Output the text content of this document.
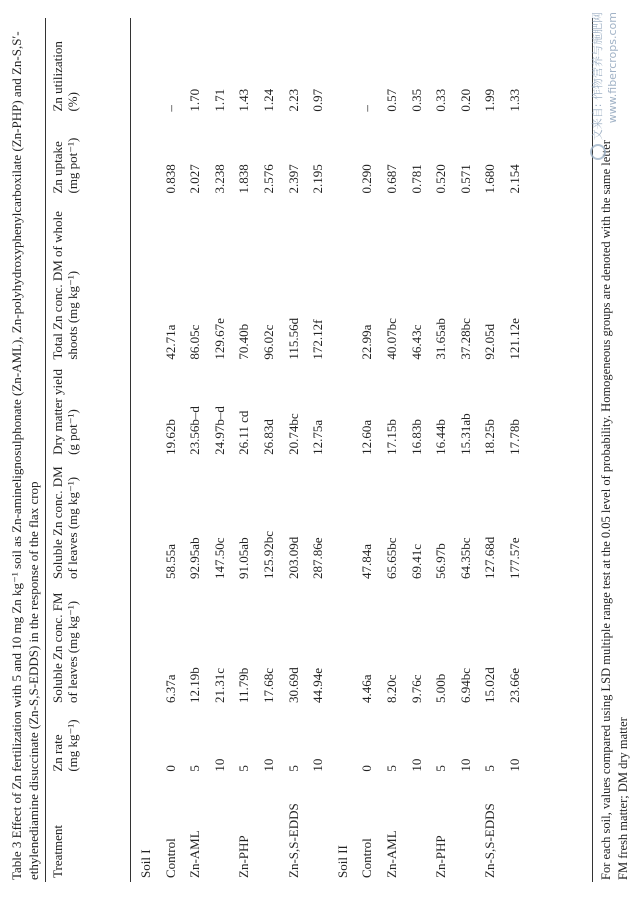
Table 3 Effect of Zn fertilization with 5 and 10 mg Zn kg⁻¹ soil as Zn-aminelignosulphonate (Zn-AML), Zn-polyhydroxyphenylcarboxilate (Zn-PHP) and Zn-S,S′-ethylenediamine disuccinate (Zn-S,S-EDDS) in the response of the flax crop Treatment	Zn rate (mg kg⁻¹)	Soluble Zn conc. FM of leaves (mg kg⁻¹)	Soluble Zn conc. DM of leaves (mg kg⁻¹)	Dry matter yield (g pot⁻¹)	Total Zn conc. DM of whole shoots (mg kg⁻¹)	Zn uptake (mg pot⁻¹)	Zn utilization (%)
Soil I							
Control	0	6.37a	58.55a	19.62b	42.71a	0.838	–
Zn-AML	5	12.19b	92.95ab	23.56b–d	86.05c	2.027	1.70
	10	21.31c	147.50c	24.97b–d	129.67e	3.238	1.71
Zn-PHP	5	11.79b	91.05ab	26.11 cd	70.40b	1.838	1.43
	10	17.68c	125.92bc	26.83d	96.02c	2.576	1.24
Zn-S,S-EDDS	5	30.69d	203.09d	20.74bc	115.56d	2.397	2.23
	10	44.94e	287.86e	12.75a	172.12f	2.195	0.97
Soil II							
Control	0	4.46a	47.84a	12.60a	22.99a	0.290	–
Zn-AML	5	8.20c	65.65bc	17.15b	40.07bc	0.687	0.57
	10	9.76c	69.41c	16.83b	46.43c	0.781	0.35
Zn-PHP	5	5.00b	56.97b	16.44b	31.65ab	0.520	0.33
	10	6.94bc	64.35bc	15.31ab	37.28bc	0.571	0.20
Zn-S,S-EDDS	5	15.02d	127.68d	18.25b	92.05d	1.680	1.99
	10	23.66e	177.57e	17.78b	121.12e	2.154	1.33
For each soil, values compared using LSD multiple range test at the 0.05 level of probability. Homogeneous groups are denoted with the same letter FM fresh matter; DM dry matter
文来自: 作物营养与施肥网 www.fibercrops.com
